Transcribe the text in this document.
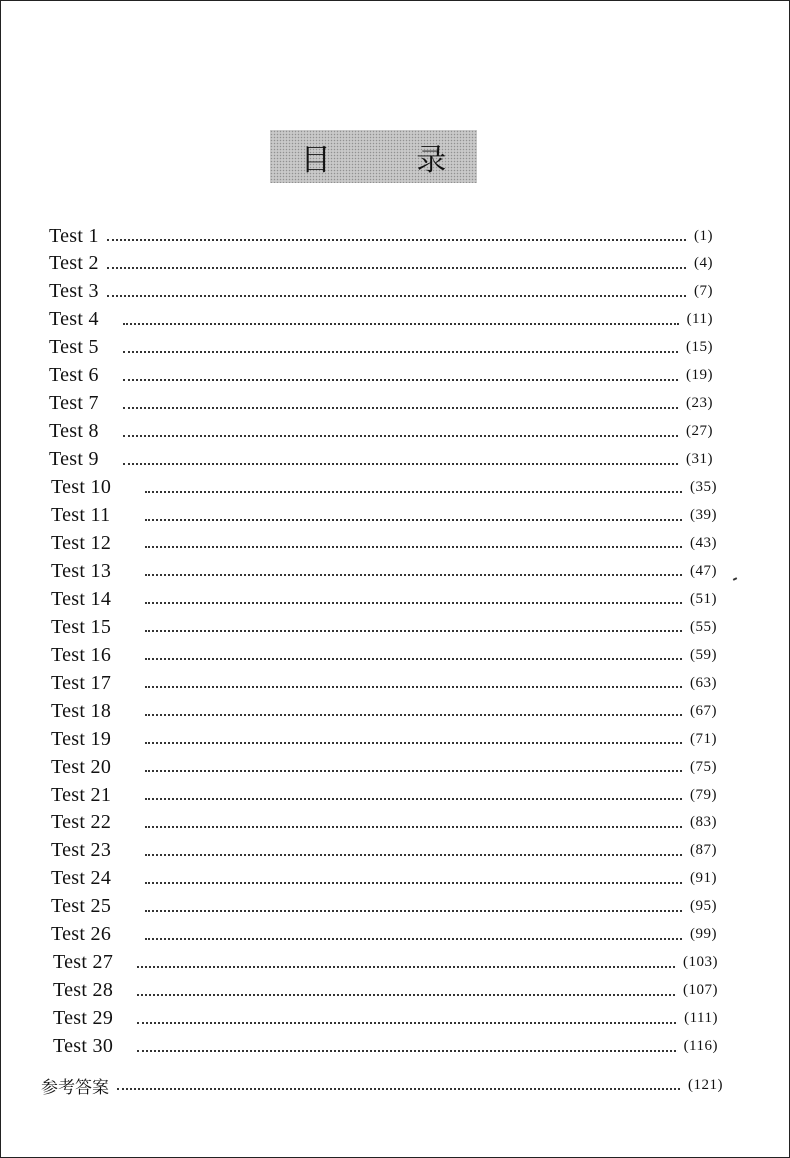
目 录
Test 1	(1)
Test 2	(4)
Test 3	(7)
Test 4	(11)
Test 5	(15)
Test 6	(19)
Test 7	(23)
Test 8	(27)
Test 9	(31)
Test 10	(35)
Test 11	(39)
Test 12	(43)
Test 13	(47)
Test 14	(51)
Test 15	(55)
Test 16	(59)
Test 17	(63)
Test 18	(67)
Test 19	(71)
Test 20	(75)
Test 21	(79)
Test 22	(83)
Test 23	(87)
Test 24	(91)
Test 25	(95)
Test 26	(99)
Test 27	(103)
Test 28	(107)
Test 29	(111)
Test 30	(116)
参考答案	(121)
